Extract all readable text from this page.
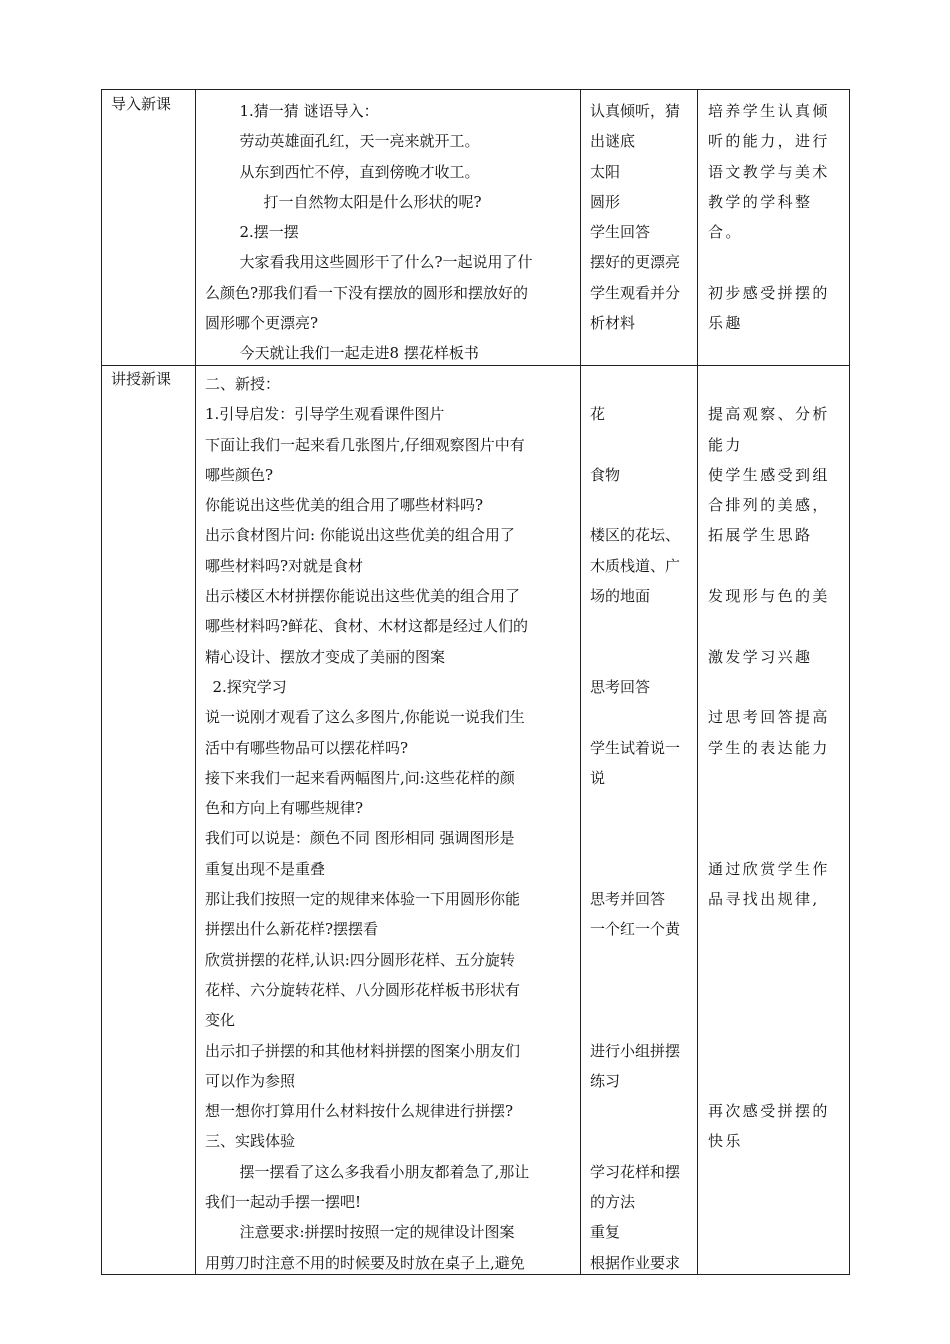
导入新课	1.猜一猜 谜语导入：
劳动英雄面孔红，天一亮来就开工。
从东到西忙不停，直到傍晚才收工。
打一自然物太阳是什么形状的呢?
2.摆一摆
大家看我用这些圆形干了什么?一起说用了什
么颜色?那我们看一下没有摆放的圆形和摆放好的
圆形哪个更漂亮?
今天就让我们一起走进8 摆花样板书
认真倾听，猜
出谜底
太阳
圆形
学生回答
摆好的更漂亮
学生观看并分
析材料

培养学生认真倾
听的能力，进行
语文教学与美术
教学的学科整
合。

初步感受拼摆的
乐趣

讲授新课 二、新授：
1.引导启发：引导学生观看课件图片
下面让我们一起来看几张图片,仔细观察图片中有
哪些颜色?
你能说出这些优美的组合用了哪些材料吗?
出示食材图片问: 你能说出这些优美的组合用了
哪些材料吗?对就是食材
出示楼区木材拼摆你能说出这些优美的组合用了
哪些材料吗?鲜花、食材、木材这都是经过人们的
精心设计、摆放才变成了美丽的图案
2.探究学习
说一说刚才观看了这么多图片,你能说一说我们生
活中有哪些物品可以摆花样吗?
接下来我们一起来看两幅图片,问:这些花样的颜
色和方向上有哪些规律?
我们可以说是：颜色不同 图形相同 强调图形是
重复出现不是重叠
那让我们按照一定的规律来体验一下用圆形你能
拼摆出什么新花样?摆摆看
欣赏拼摆的花样,认识:四分圆形花样、五分旋转
花样、六分旋转花样、八分圆形花样板书形状有
变化
出示扣子拼摆的和其他材料拼摆的图案小朋友们
可以作为参照
想一想你打算用什么材料按什么规律进行拼摆?
三、实践体验
摆一摆看了这么多我看小朋友都着急了,那让
我们一起动手摆一摆吧!
注意要求:拼摆时按照一定的规律设计图案
用剪刀时注意不用的时候要及时放在桌子上,避免

花

食物

楼区的花坛、
木质栈道、广
场的地面

思考回答

学生试着说一
说

思考并回答
一个红一个黄

进行小组拼摆
练习

学习花样和摆
的方法
重复
根据作业要求

提高观察、分析
能力
使学生感受到组
合排列的美感，
拓展学生思路

发现形与色的美

激发学习兴趣

过思考回答提高
学生的表达能力

通过欣赏学生作
品寻找出规律,

再次感受拼摆的
快乐
